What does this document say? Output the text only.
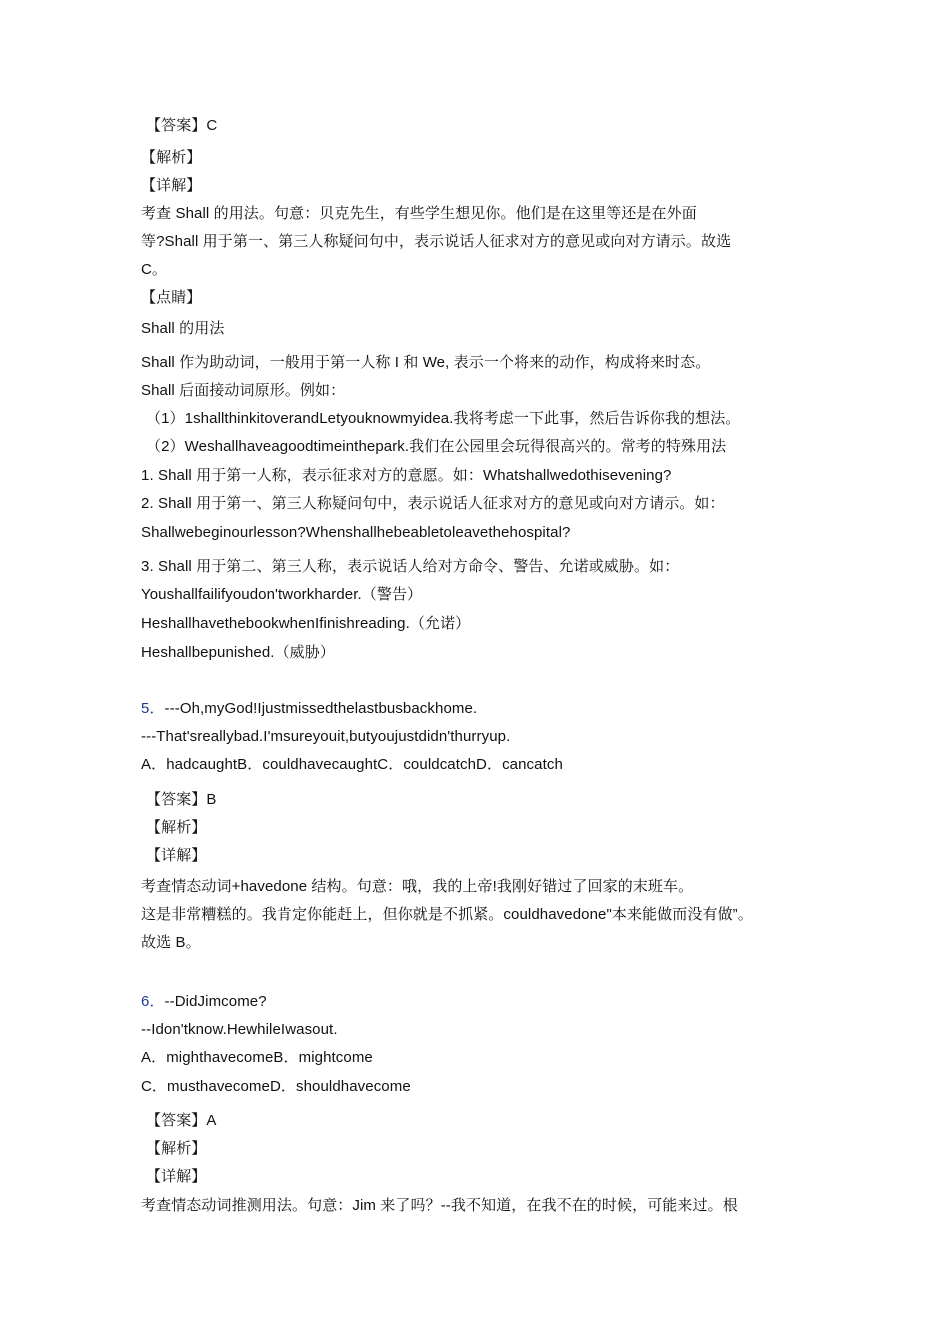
【答案】C
【解析】
【详解】
考查 Shall 的用法。句意：贝克先生，有些学生想见你。他们是在这里等还是在外面
等?Shall 用于第一、第三人称疑问句中，表示说话人征求对方的意见或向对方请示。故选
C。
【点睛】
Shall 的用法
Shall 作为助动词，一般用于第一人称 I 和 We, 表示一个将来的动作，构成将来时态。
Shall 后面接动词原形。例如：
（1）1shallthinkitoverandLetyouknowmyidea.我将考虑一下此事，然后告诉你我的想法。
（2）Weshallhaveagoodtimeinthepark.我们在公园里会玩得很高兴的。常考的特殊用法
1. Shall 用于第一人称，表示征求对方的意愿。如：Whatshallwedothisevening?
2. Shall 用于第一、第三人称疑问句中，表示说话人征求对方的意见或向对方请示。如：
Shallwebeginourlesson?Whenshallhebeabletoleavethehospital?
3. Shall 用于第二、第三人称，表示说话人给对方命令、警告、允诺或威胁。如：
Youshallfailifyoudon'tworkharder.（警告）
HeshallhavethebookwhenIfinishreading.（允诺）
Heshallbepunished.（威胁）
5．---Oh,myGod!Ijustmissedthelastbusbackhome.
---That'sreallybad.I'msureyouit,butyoujustdidn'thurryup.
A．hadcaughtB．couldhavecaughtC．couldcatchD．cancatch
【答案】B
【解析】
【详解】
考查情态动词+havedone 结构。句意：哦，我的上帝!我刚好错过了回家的末班车。
这是非常糟糕的。我肯定你能赶上，但你就是不抓紧。couldhavedone"本来能做而没有做”。
故选 B。
6．--DidJimcome?
--Idon'tknow.HewhileIwasout.
A．mighthavecomeB．mightcome
C．musthavecomeD．shouldhavecome
【答案】A
【解析】
【详解】
考查情态动词推测用法。句意：Jim 来了吗？--我不知道，在我不在的时候，可能来过。根
